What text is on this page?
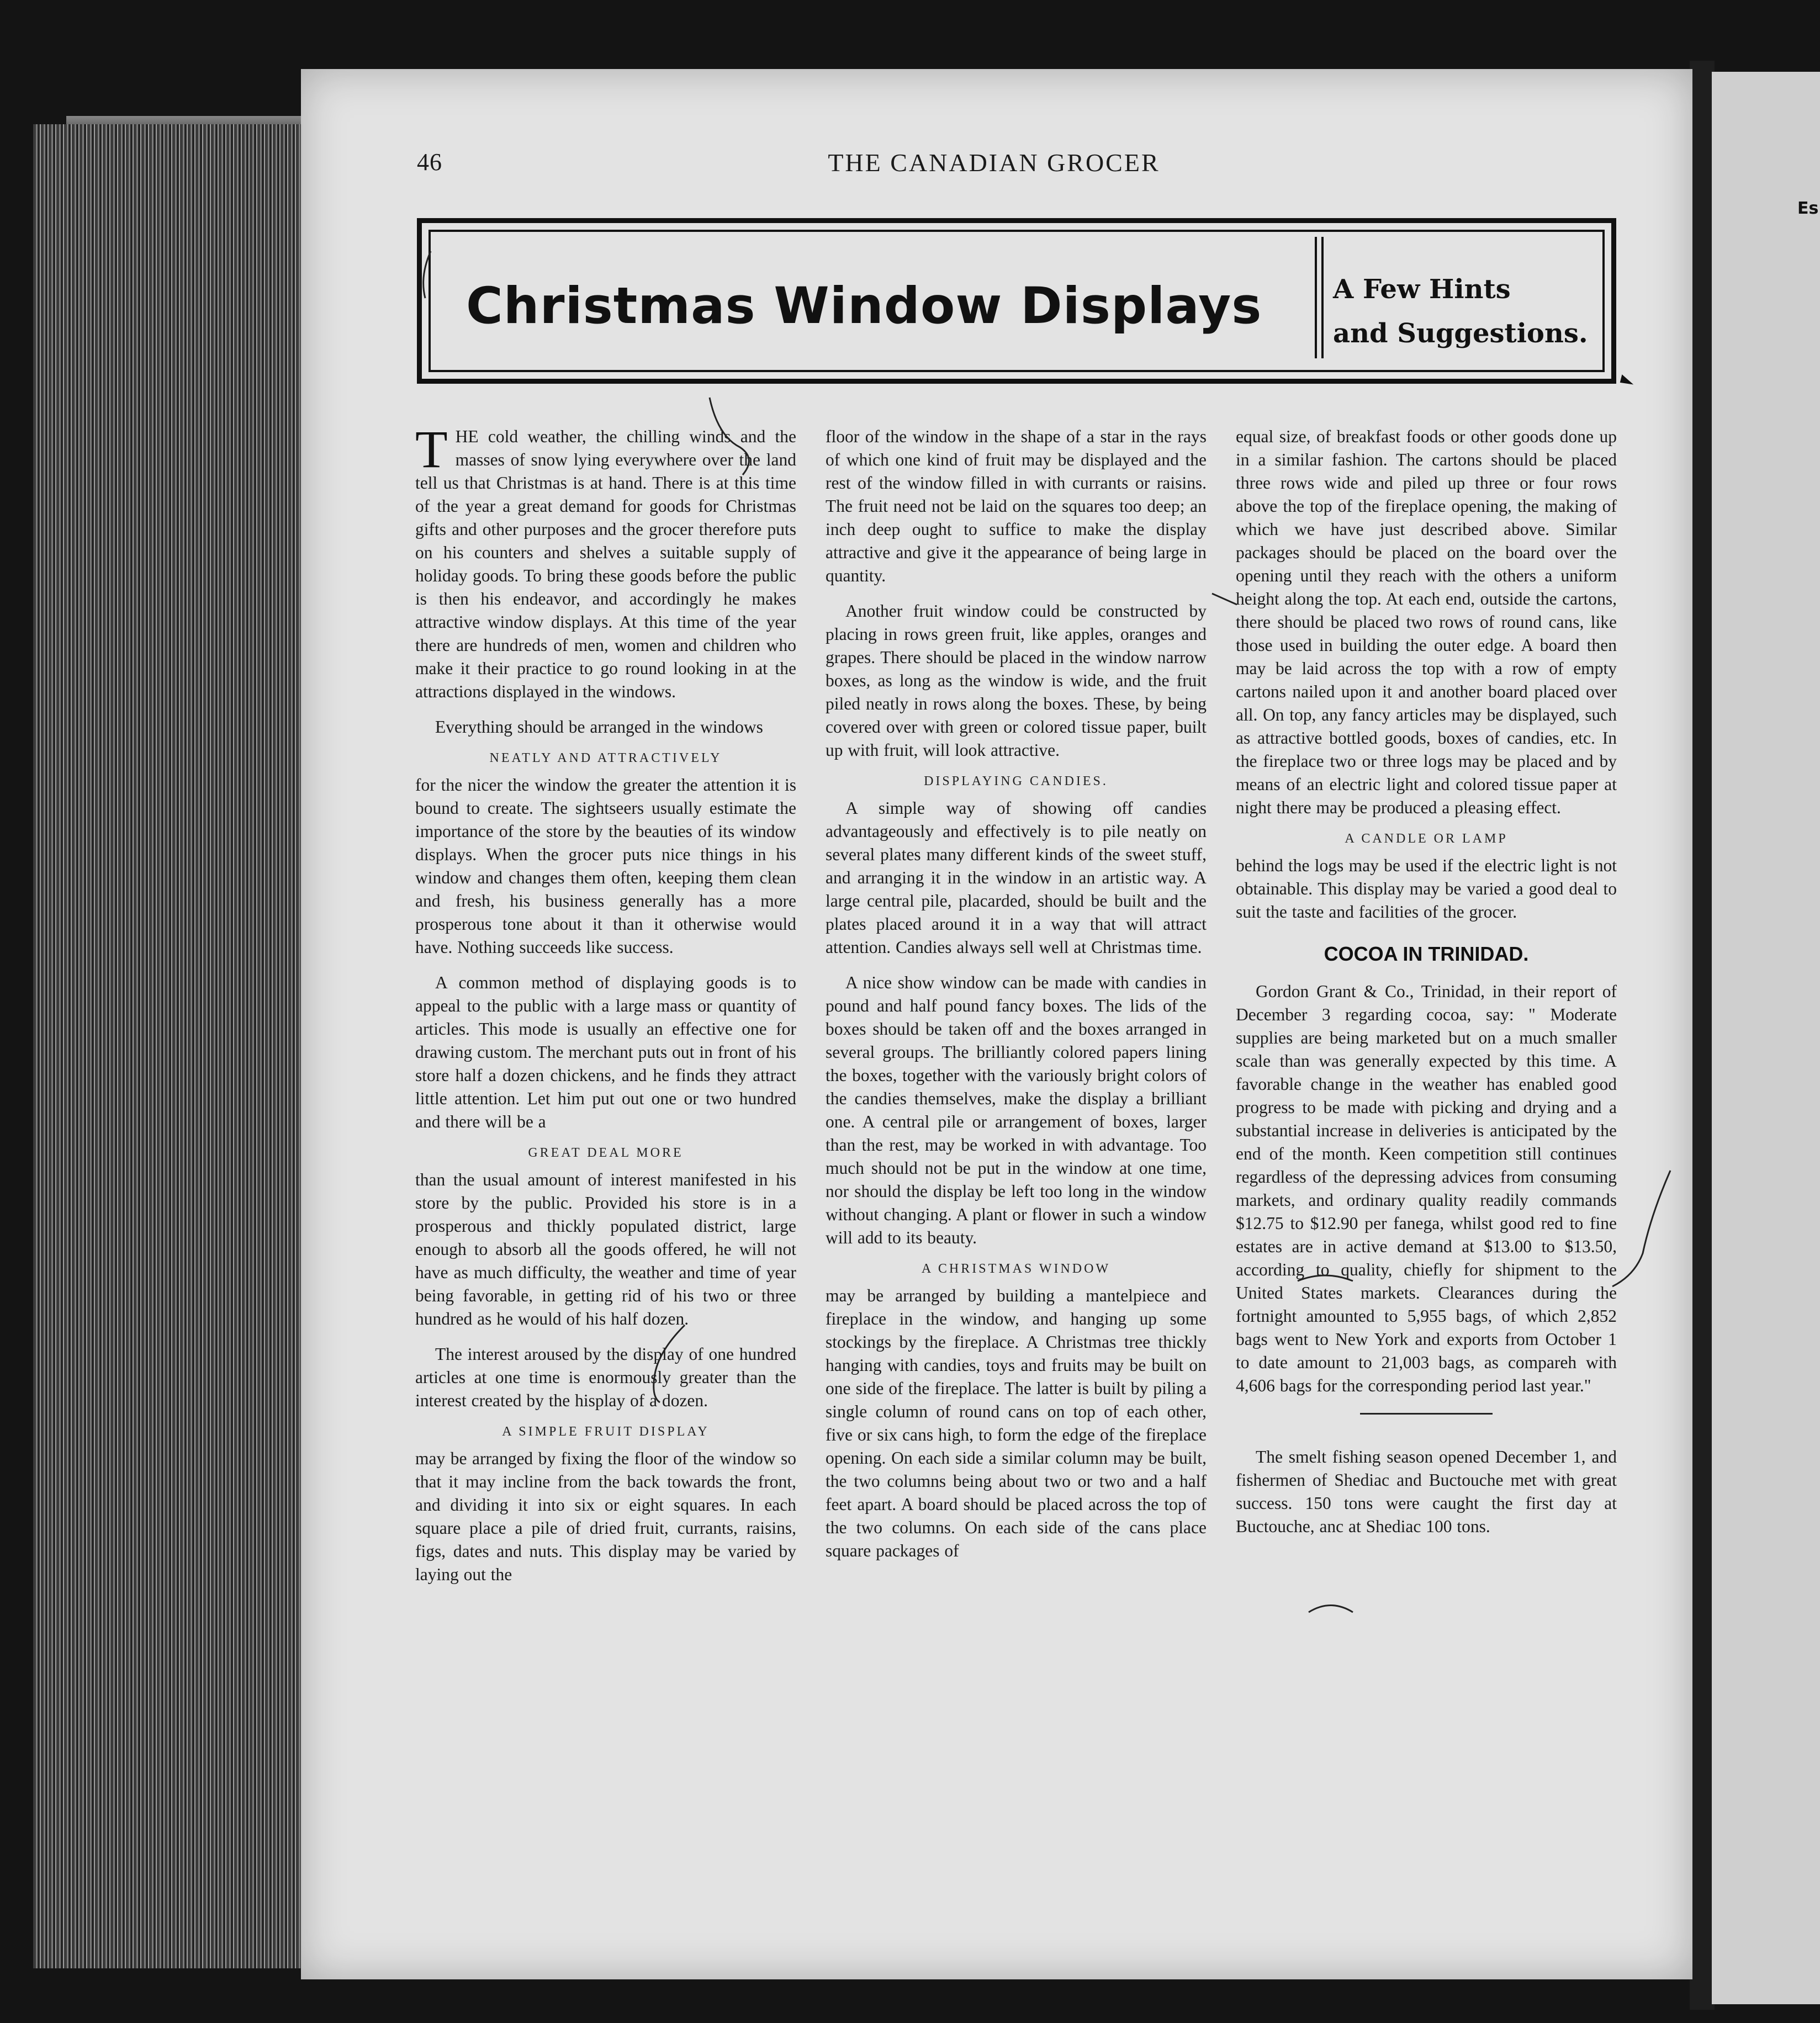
Es
46	THE CANADIAN GROCER
Christmas Window Displays	A Few Hints
and Suggestions.

THE cold weather, the chilling winds and the masses of snow lying everywhere over the land tell us that Christmas is at hand. There is at this time of the year a great demand for goods for Christmas gifts and other purposes and the grocer therefore puts on his counters and shelves a suitable supply of holiday goods. To bring these goods before the public is then his endeavor, and accordingly he makes attractive window displays. At this time of the year there are hundreds of men, women and children who make it their practice to go round looking in at the attractions displayed in the windows.

Everything should be arranged in the windows

NEATLY AND ATTRACTIVELY

for the nicer the window the greater the attention it is bound to create. The sightseers usually estimate the importance of the store by the beauties of its window displays. When the grocer puts nice things in his window and changes them often, keeping them clean and fresh, his business generally has a more prosperous tone about it than it otherwise would have. Nothing succeeds like success.

A common method of displaying goods is to appeal to the public with a large mass or quantity of articles. This mode is usually an effective one for drawing custom. The merchant puts out in front of his store half a dozen chickens, and he finds they attract little attention. Let him put out one or two hundred and there will be a

GREAT DEAL MORE

than the usual amount of interest manifested in his store by the public. Provided his store is in a prosperous and thickly populated district, large enough to absorb all the goods offered, he will not have as much difficulty, the weather and time of year being favorable, in getting rid of his two or three hundred as he would of his half dozen.

The interest aroused by the display of one hundred articles at one time is enormously greater than the interest created by the hisplay of a dozen.

A SIMPLE FRUIT DISPLAY

may be arranged by fixing the floor of the window so that it may incline from the back towards the front, and dividing it into six or eight squares. In each square place a pile of dried fruit, currants, raisins, figs, dates and nuts. This display may be varied by laying out the

floor of the window in the shape of a star in the rays of which one kind of fruit may be displayed and the rest of the window filled in with currants or raisins. The fruit need not be laid on the squares too deep; an inch deep ought to suffice to make the display attractive and give it the appearance of being large in quantity.

Another fruit window could be constructed by placing in rows green fruit, like apples, oranges and grapes. There should be placed in the window narrow boxes, as long as the window is wide, and the fruit piled neatly in rows along the boxes. These, by being covered over with green or colored tissue paper, built up with fruit, will look attractive.

DISPLAYING CANDIES.

A simple way of showing off candies advantageously and effectively is to pile neatly on several plates many different kinds of the sweet stuff, and arranging it in the window in an artistic way. A large central pile, placarded, should be built and the plates placed around it in a way that will attract attention. Candies always sell well at Christmas time.

A nice show window can be made with candies in pound and half pound fancy boxes. The lids of the boxes should be taken off and the boxes arranged in several groups. The brilliantly colored papers lining the boxes, together with the variously bright colors of the candies themselves, make the display a brilliant one. A central pile or arrangement of boxes, larger than the rest, may be worked in with advantage. Too much should not be put in the window at one time, nor should the display be left too long in the window without changing. A plant or flower in such a window will add to its beauty.

A CHRISTMAS WINDOW

may be arranged by building a mantelpiece and fireplace in the window, and hanging up some stockings by the fireplace. A Christmas tree thickly hanging with candies, toys and fruits may be built on one side of the fireplace. The latter is built by piling a single column of round cans on top of each other, five or six cans high, to form the edge of the fireplace opening. On each side a similar column may be built, the two columns being about two or two and a half feet apart. A board should be placed across the top of the two columns. On each side of the cans place square packages of

equal size, of breakfast foods or other goods done up in a similar fashion. The cartons should be placed three rows wide and piled up three or four rows above the top of the fireplace opening, the making of which we have just described above. Similar packages should be placed on the board over the opening until they reach with the others a uniform height along the top. At each end, outside the cartons, there should be placed two rows of round cans, like those used in building the outer edge. A board then may be laid across the top with a row of empty cartons nailed upon it and another board placed over all. On top, any fancy articles may be displayed, such as attractive bottled goods, boxes of candies, etc. In the fireplace two or three logs may be placed and by means of an electric light and colored tissue paper at night there may be produced a pleasing effect.

A CANDLE OR LAMP

behind the logs may be used if the electric light is not obtainable. This display may be varied a good deal to suit the taste and facilities of the grocer.

COCOA IN TRINIDAD.

Gordon Grant & Co., Trinidad, in their report of December 3 regarding cocoa, say: " Moderate supplies are being marketed but on a much smaller scale than was generally expected by this time. A favorable change in the weather has enabled good progress to be made with picking and drying and a substantial increase in deliveries is anticipated by the end of the month. Keen competition still continues regardless of the depressing advices from consuming markets, and ordinary quality readily commands $12.75 to $12.90 per fanega, whilst good red to fine estates are in active demand at $13.00 to $13.50, according to quality, chiefly for shipment to the United States markets. Clearances during the fortnight amounted to 5,955 bags, of which 2,852 bags went to New York and exports from October 1 to date amount to 21,003 bags, as compareh with 4,606 bags for the corresponding period last year."

The smelt fishing season opened December 1, and fishermen of Shediac and Buctouche met with great success. 150 tons were caught the first day at Buctouche, anc at Shediac 100 tons.
